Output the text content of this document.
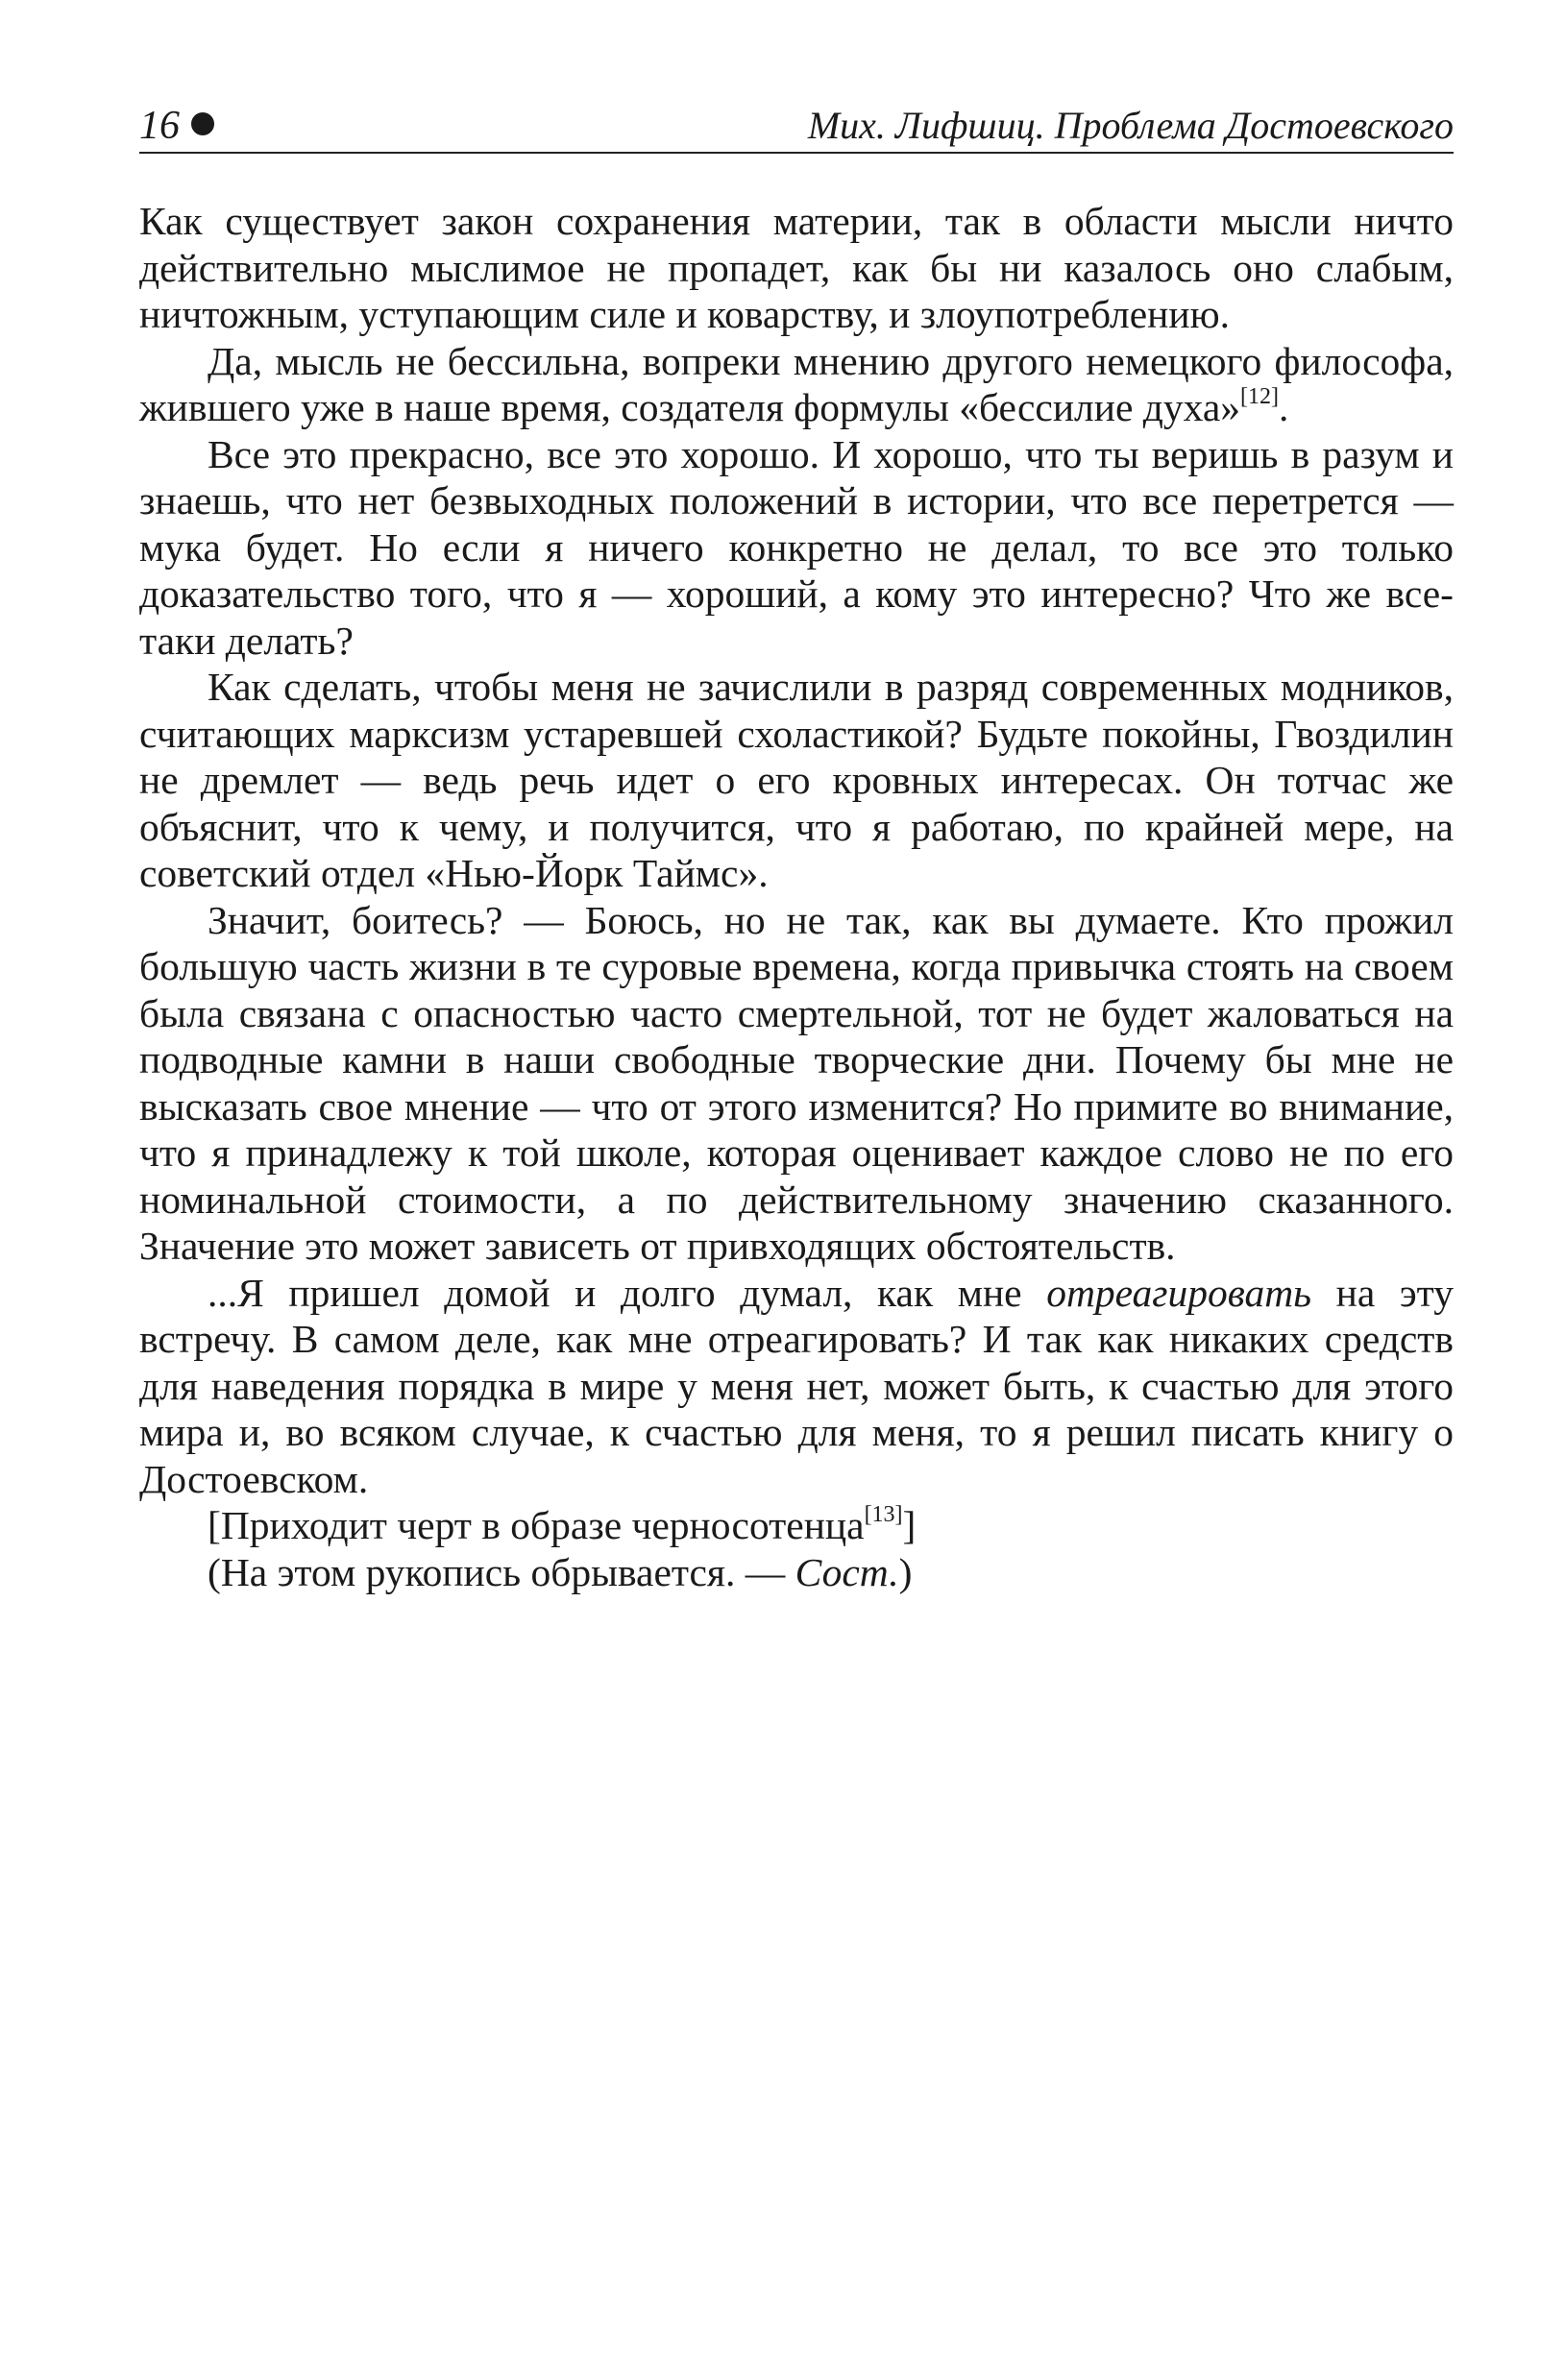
16	Мих. Лифшиц. Проблема Достоевского

Как существует закон сохранения материи, так в области мысли ничто действительно мыслимое не пропадет, как бы ни казалось оно слабым, ничтожным, уступающим силе и коварству, и злоупотреблению.

Да, мысль не бессильна, вопреки мнению другого немецкого философа, жившего уже в наше время, создателя формулы «бессилие духа»[12].

Все это прекрасно, все это хорошо. И хорошо, что ты веришь в разум и знаешь, что нет безвыходных положений в истории, что все перетрется — мука будет. Но если я ничего конкретно не делал, то все это только доказательство того, что я — хороший, а кому это интересно? Что же все-таки делать?

Как сделать, чтобы меня не зачислили в разряд современных модников, считающих марксизм устаревшей схоластикой? Будьте покойны, Гвоздилин не дремлет — ведь речь идет о его кровных интересах. Он тотчас же объяснит, что к чему, и получится, что я работаю, по крайней мере, на советский отдел «Нью-Йорк Таймс».

Значит, боитесь? — Боюсь, но не так, как вы думаете. Кто прожил большую часть жизни в те суровые времена, когда привычка стоять на своем была связана с опасностью часто смертельной, тот не будет жаловаться на подводные камни в наши свободные творческие дни. Почему бы мне не высказать свое мнение — что от этого изменится? Но примите во внимание, что я принадлежу к той школе, которая оценивает каждое слово не по его номинальной стоимости, а по действительному значению сказанного. Значение это может зависеть от привходящих обстоятельств.

...Я пришел домой и долго думал, как мне отреагировать на эту встречу. В самом деле, как мне отреагировать? И так как никаких средств для наведения порядка в мире у меня нет, может быть, к счастью для этого мира и, во всяком случае, к счастью для меня, то я решил писать книгу о Достоевском.

[Приходит черт в образе черносотенца[13]]

(На этом рукопись обрывается. — Сост.)
